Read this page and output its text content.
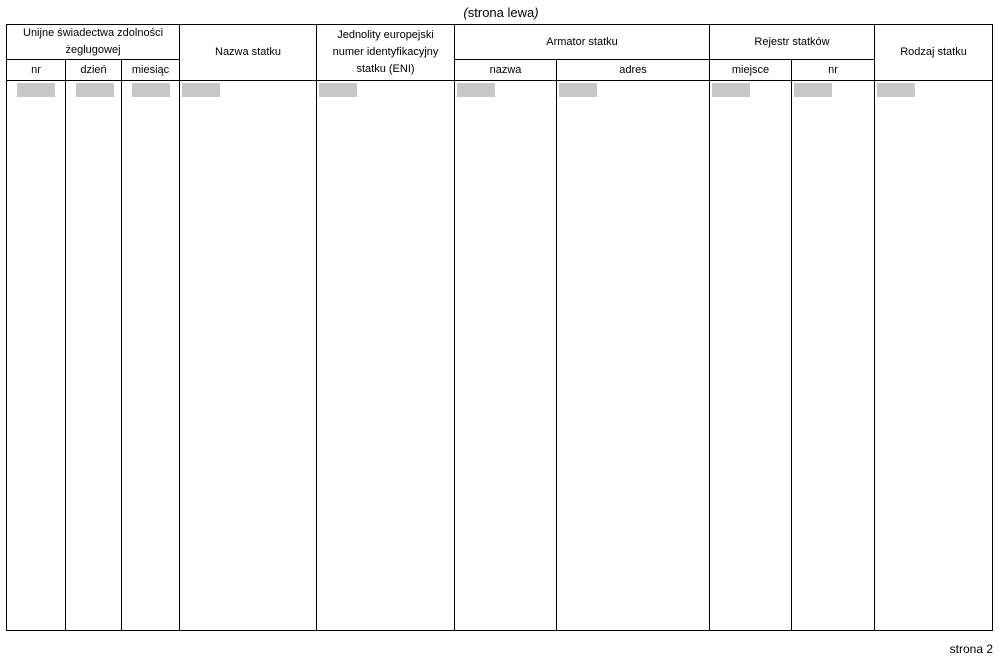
(strona lewa)
Unijne świadectwa zdolności żeglugowej			Nazwa statku	Jednolity europejski numer identyfikacyjny statku (ENI)	Armator statku		Rejestr statków		Rodzaj statku

nr	dzień	miesiąc			nazwa	adres	miejsce	nr	

strona 2
